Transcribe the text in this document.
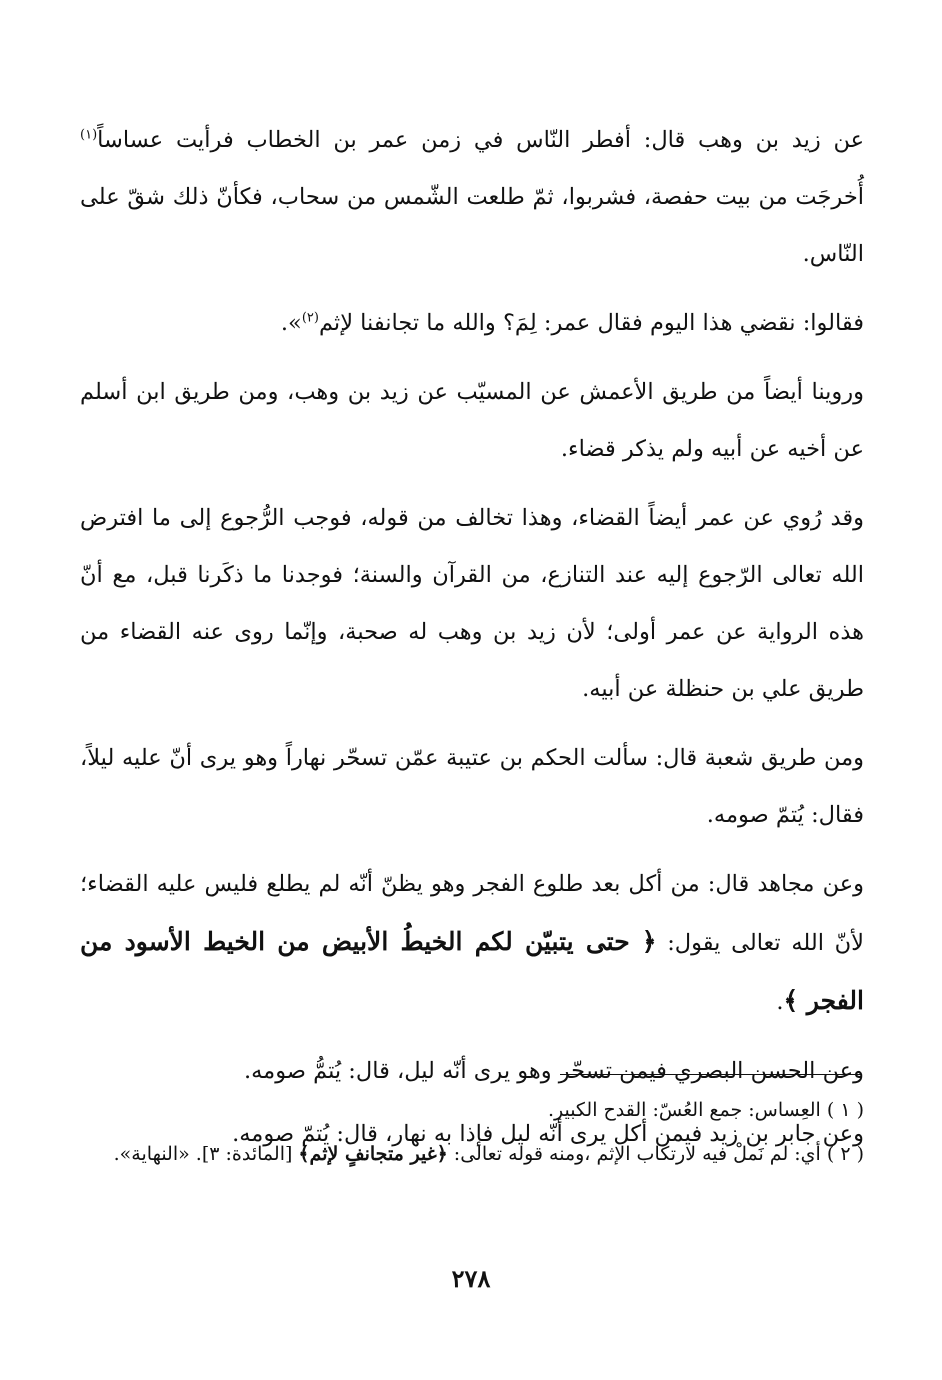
عن زيد بن وهب قال: أفطر النّاس في زمن عمر بن الخطاب فرأيت عساساً$^{(١)}$ أُخرجَت من بيت حفصة، فشربوا، ثمّ طلعت الشّمس من سحاب، فكأنّ ذلك شقّ على النّاس.

فقالوا: نقضي هذا اليوم فقال عمر: لِمَ؟ والله ما تجانفنا لإثم$^{(٢)}$».

وروينا أيضاً من طريق الأعمش عن المسيّب عن زيد بن وهب، ومن طريق ابن أسلم عن أخيه عن أبيه ولم يذكر قضاء.

وقد رُوي عن عمر أيضاً القضاء، وهذا تخالف من قوله، فوجب الرُّجوع إلى ما افترض الله تعالى الرّجوع إليه عند التنازع، من القرآن والسنة؛ فوجدنا ما ذكَرنا قبل، مع أنّ هذه الرواية عن عمر أولى؛ لأن زيد بن وهب له صحبة، وإنّما روى عنه القضاء من طريق علي بن حنظلة عن أبيه.

ومن طريق شعبة قال: سألت الحكم بن عتيبة عمّن تسحّر نهاراً وهو يرى أنّ عليه ليلاً، فقال: يُتمّ صومه.

وعن مجاهد قال: من أكل بعد طلوع الفجر وهو يظنّ أنّه لم يطلع فليس عليه القضاء؛ لأنّ الله تعالى يقول: ﴿ حتى يتبيّن لكم الخيطُ الأبيض من الخيط الأسود من الفجر ﴾.

وعن الحسن البصري فيمن تسحّر وهو يرى أنّه ليل، قال: يُتمُّ صومه.

وعن جابر بن زيد فيمن أكل يرى أنّه ليل فإذا به نهار، قال: يُتمّ صومه.

( ١ ) العِساس: جمع العُسّ: القدح الكبير.

( ٢ ) أي: لم نَملْ فيه لارتكاب الإثم ،ومنه قوله تعالى: ﴿غير متجانفٍ لإثم﴾ [المائدة: ٣]. «النهاية».

٢٧٨
